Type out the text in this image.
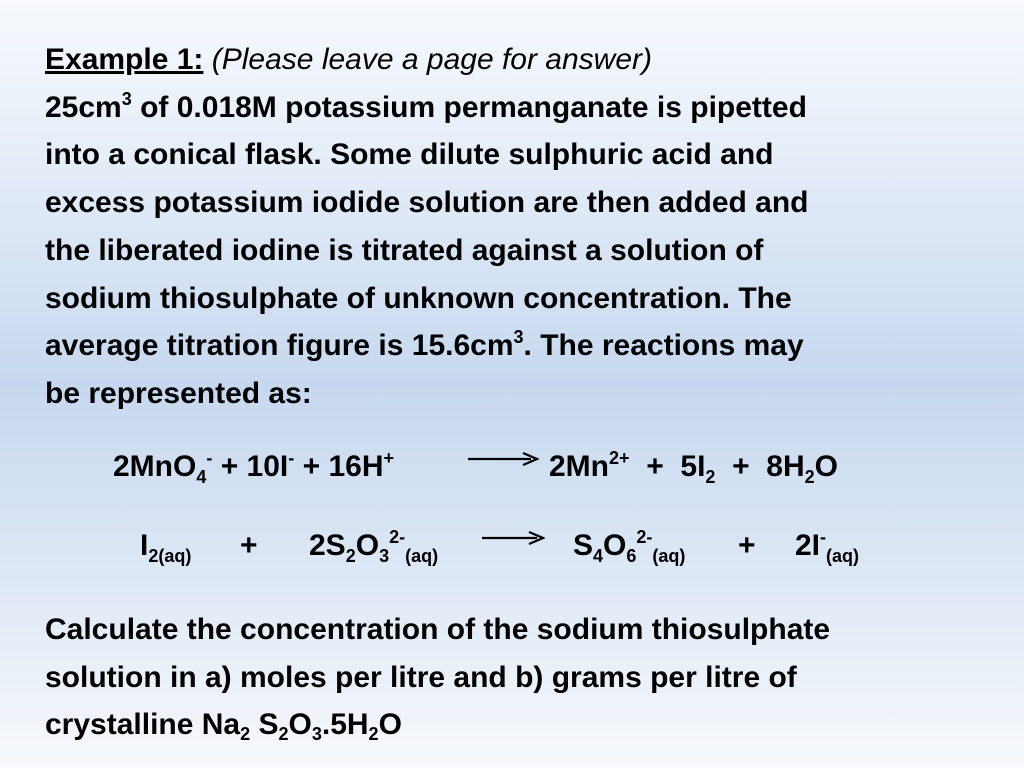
Example 1: (Please leave a page for answer)

$25cm^3$ of 0.018M potassium permanganate is pipetted

into a conical flask. Some dilute sulphuric acid and

excess potassium iodide solution are then added and

the liberated iodine is titrated against a solution of

sodium thiosulphate of unknown concentration. The

average titration figure is $15.6cm^3$. The reactions may

be represented as:

2MnO$_4$- + 10I- + 16H+	$2Mn^{2+} + 5I_2 + 8H_2O$
$I_{2(aq)} + 2S_2O_3^{2-}_{(aq)}$	$S_4O_6^{2-}_{(aq)} + 2I^-_{(aq)}$

Calculate the concentration of the sodium thiosulphate

solution in a) moles per litre and b) grams per litre of

crystalline $Na_2$ $S_2O_3.5H_2O$
